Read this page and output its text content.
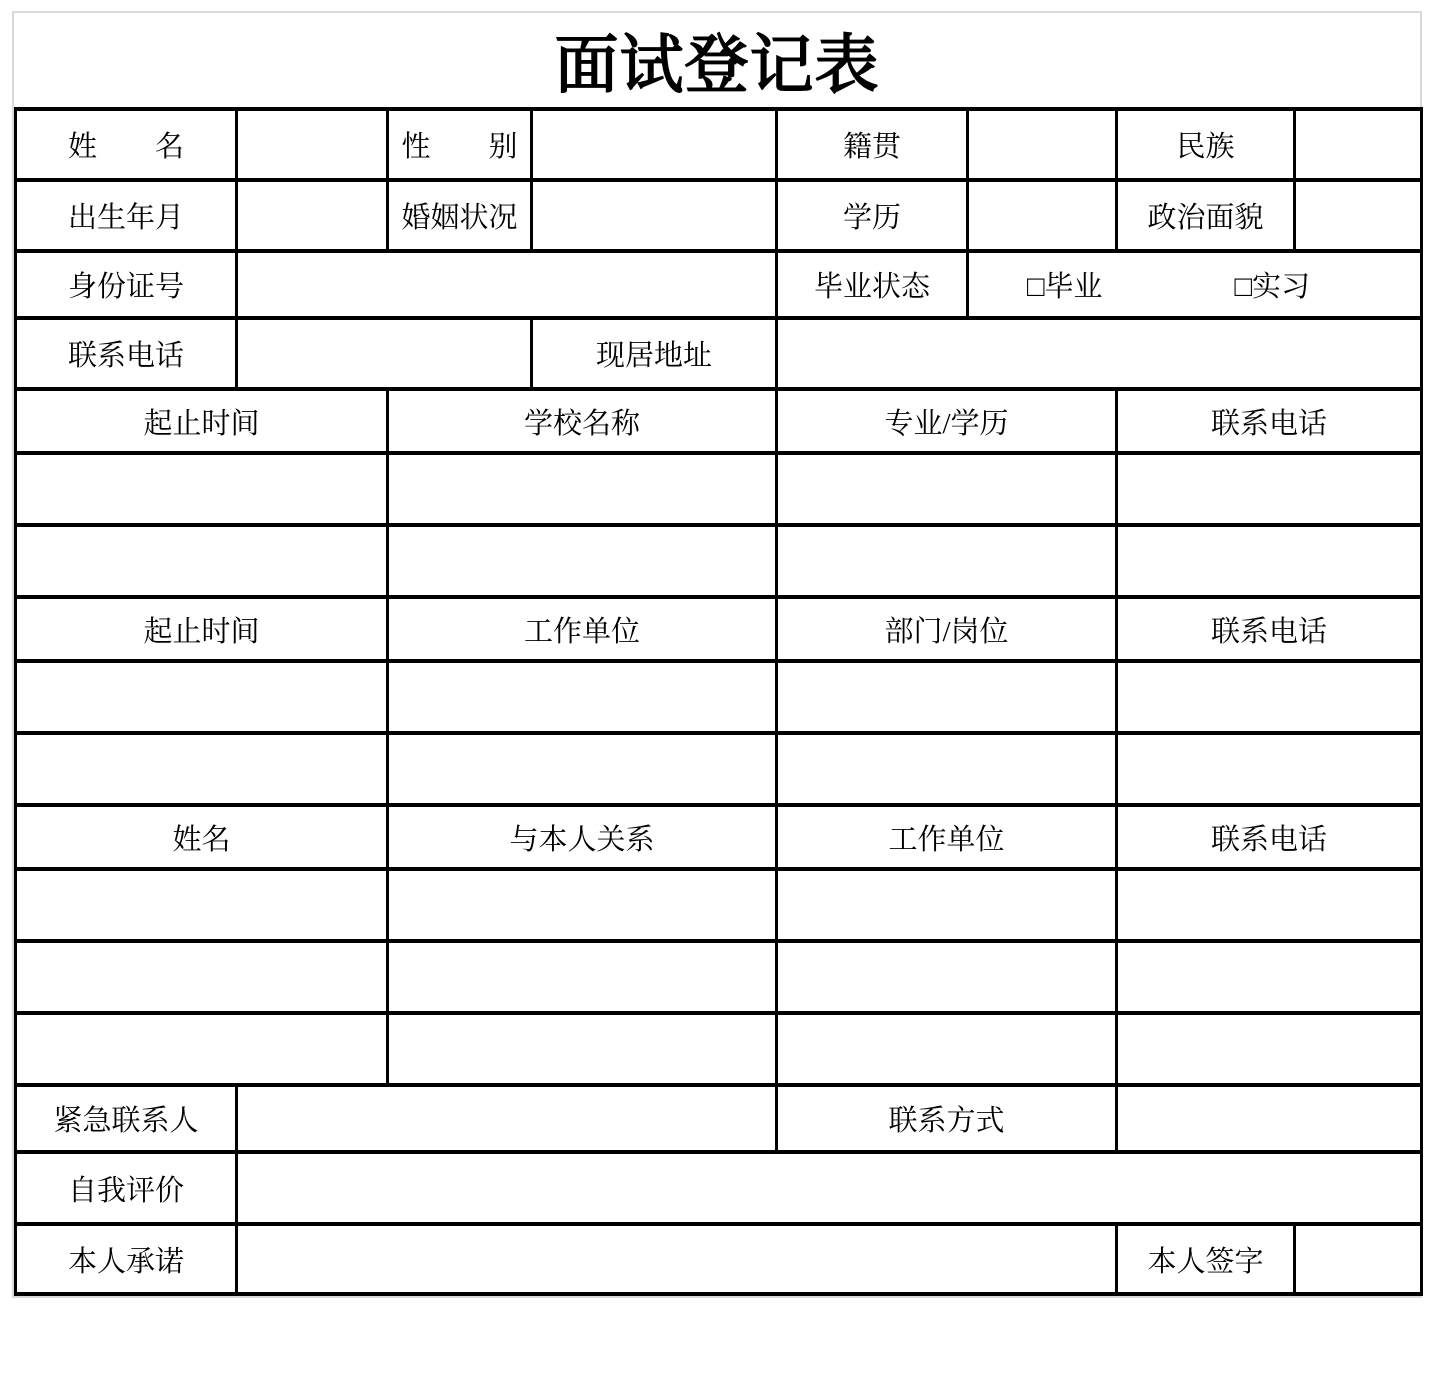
面试登记表
姓　　名		性　　别		籍贯		民族	
出生年月		婚姻状况		学历		政治面貌	
身份证号				毕业状态	□毕业 □实习		

联系电话			现居地址				
起止时间		学校名称		专业/学历		联系电话	

起止时间		工作单位		部门/岗位		联系电话	

姓名		与本人关系		工作单位		联系电话	

紧急联系人				联系方式			
自我评价							
本人承诺						本人签字	
